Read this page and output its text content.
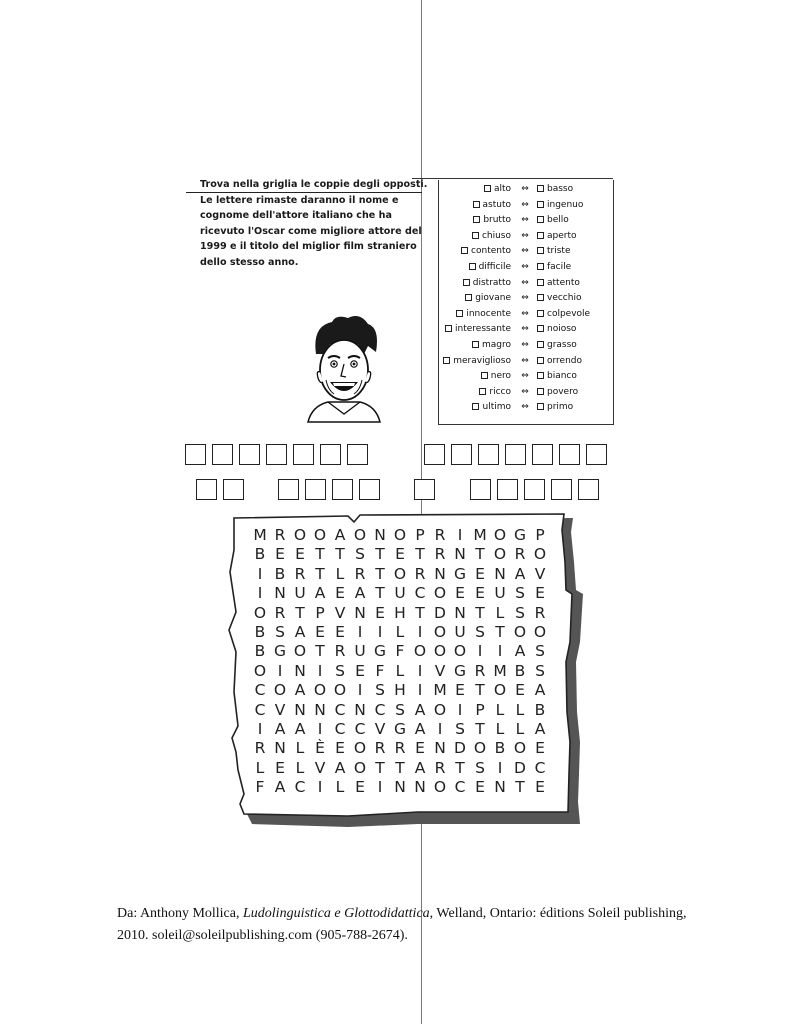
Trova nella griglia le coppie degli opposti.
Le lettere rimaste daranno il nome e
cognome dell'attore italiano che ha
ricevuto l'Oscar come migliore attore del
1999 e il titolo del miglior film straniero
dello stesso anno.
alto	⇔	basso
astuto	⇔	ingenuo
brutto	⇔	bello
chiuso	⇔	aperto
contento	⇔	triste
difficile	⇔	facile
distratto	⇔	attento
giovane	⇔	vecchio
innocente	⇔	colpevole
interessante	⇔	noioso
magro	⇔	grasso
meraviglioso	⇔	orrendo
nero	⇔	bianco
ricco	⇔	povero
ultimo	⇔	primo
M R O O A O N O P R I M O G P
B E E T T S T E T R N T O R O
I B R T L R T O R N G E N A V
I N U A E A T U C O E E U S E
O R T P V N E H T D N T L S R
B S A E E I I L I O U S T O O
B G O T R U G F O O O I I A S
O I N I S E F L I V G R M B S
C O A O O I S H I M E T O E A
C V N N C N C S A O I P L L B
I A A I C C V G A I S T L L A
R N L È E O R R E N D O B O E
L E L V A O T T A R T S I D C
F A C I L E I N N O C E N T E
Da: Anthony Mollica, Ludolinguistica e Glottodidattica, Welland, Ontario: éditions Soleil publishing,
2010. soleil@soleilpublishing.com (905-788-2674).
